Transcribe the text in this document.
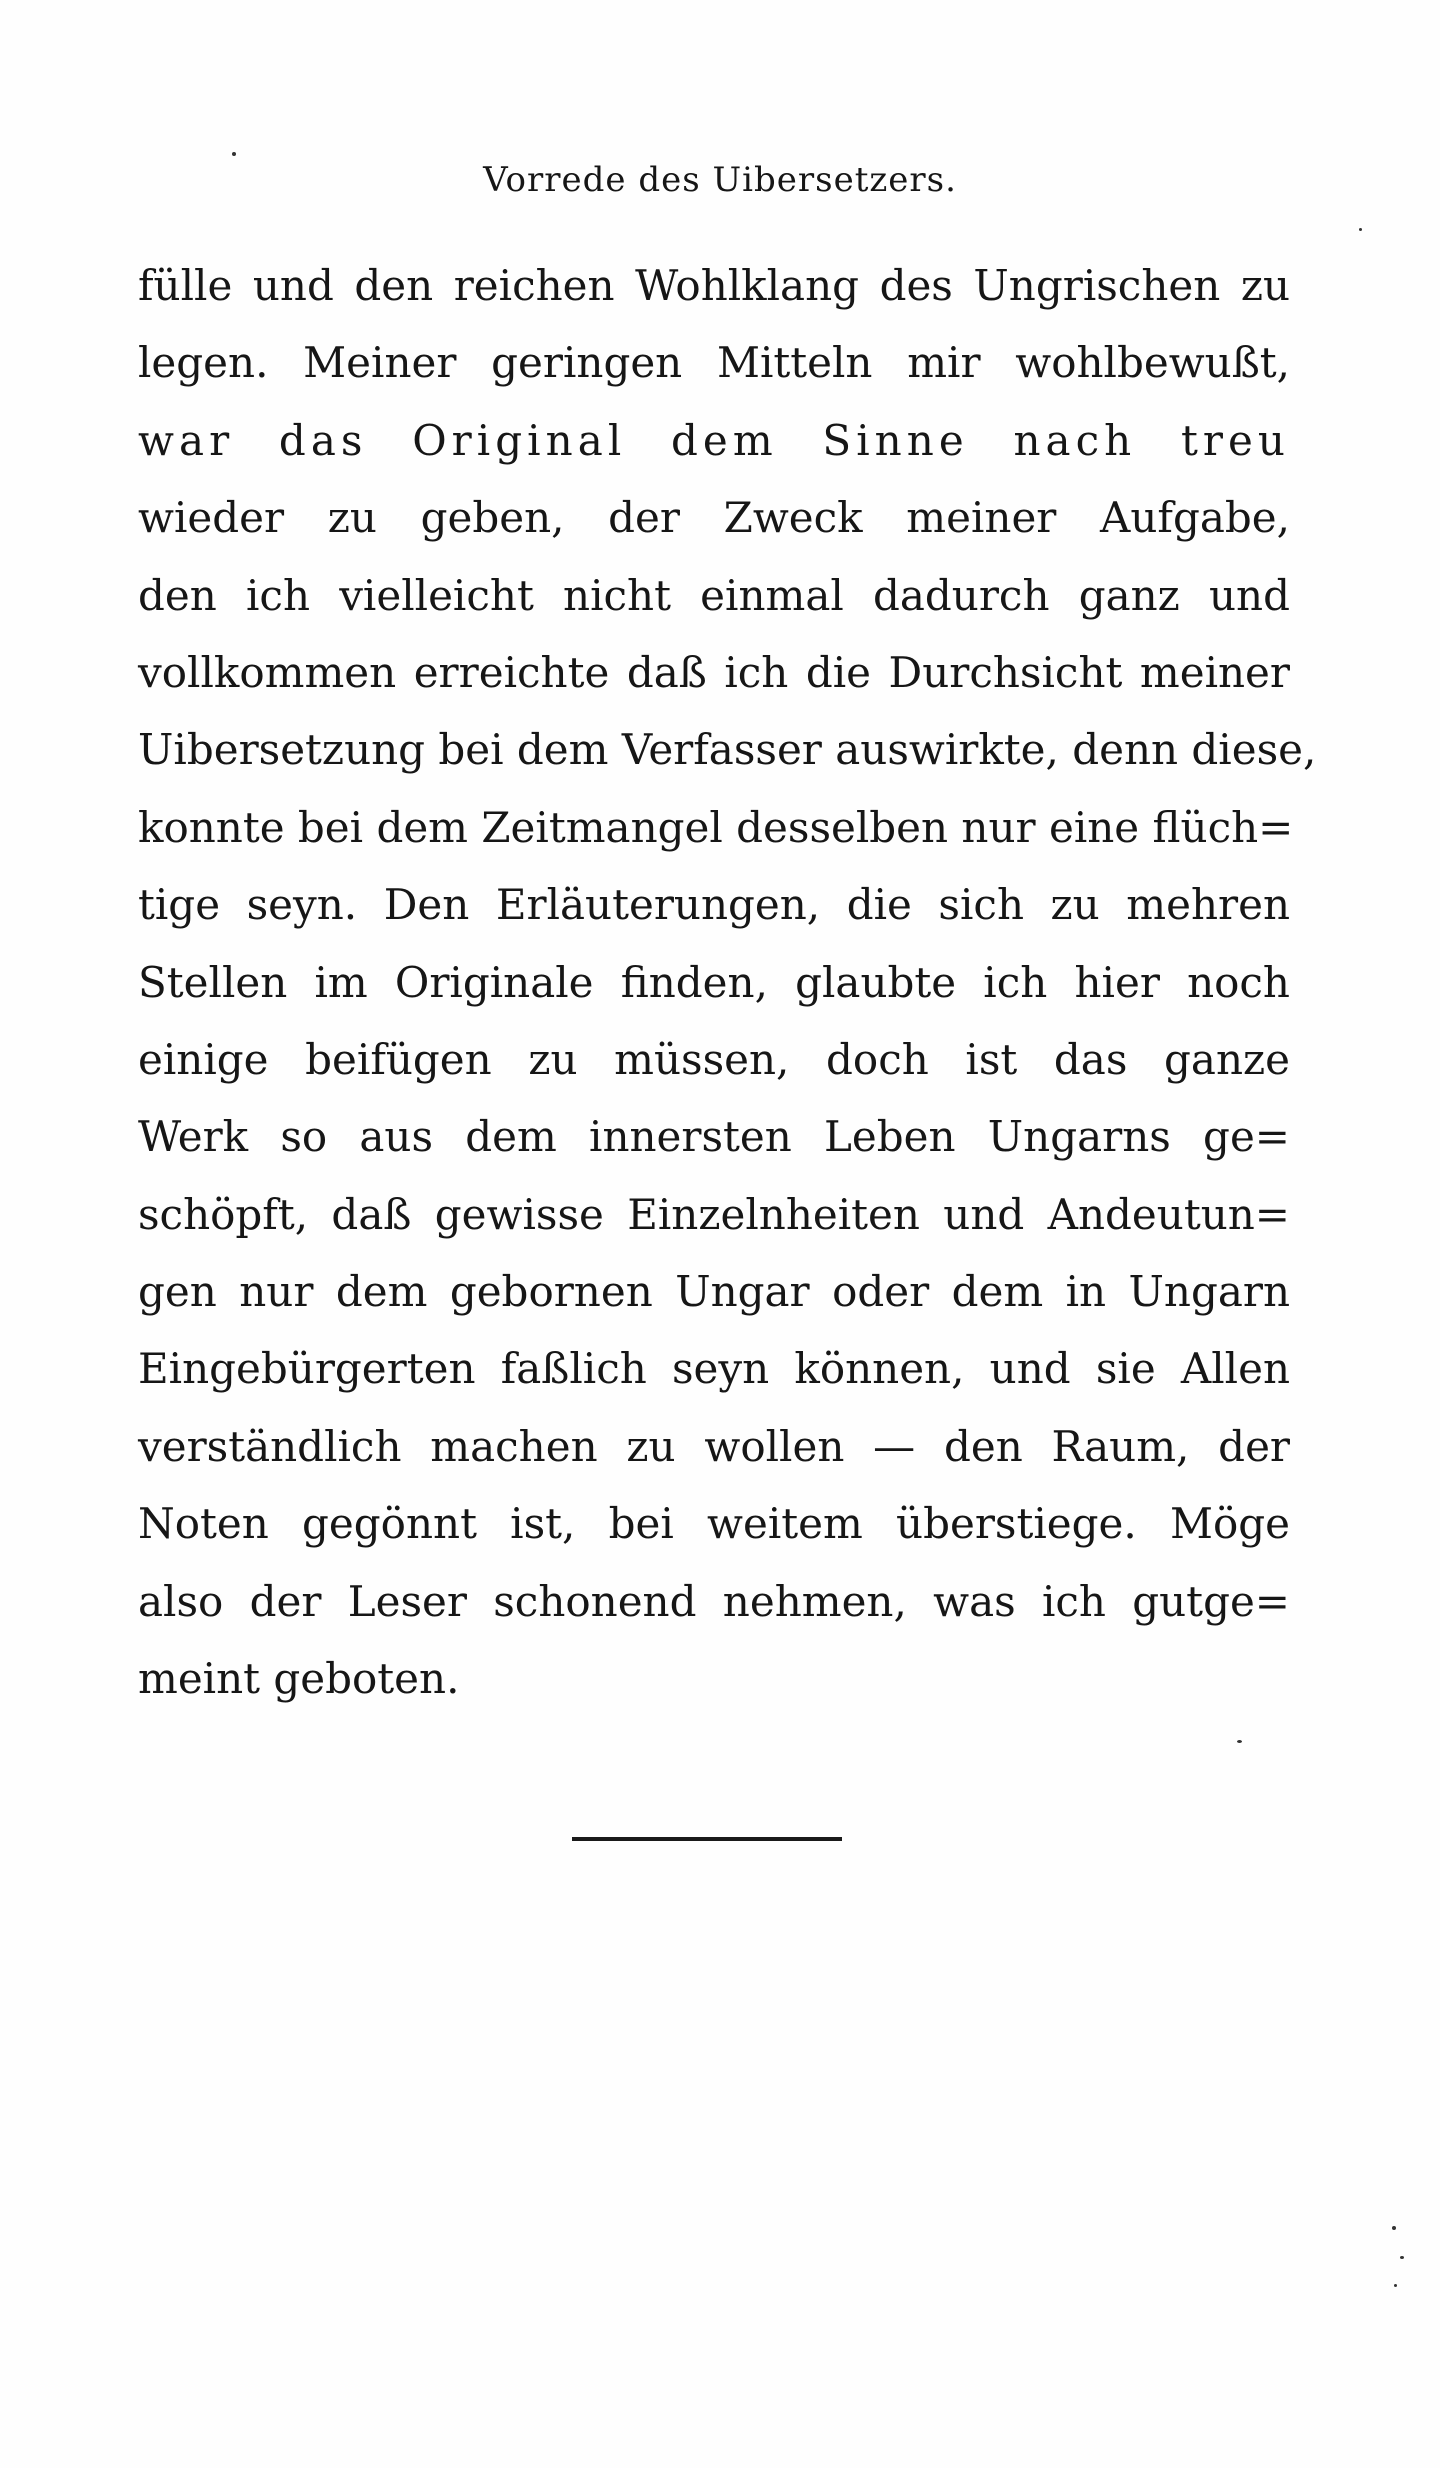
Vorrede des Uibersetzers.
fülle und den reichen Wohlklang des Ungrischen zu
legen. Meiner geringen Mitteln mir wohlbewußt,
war das Original dem Sinne nach treu
wieder zu geben, der Zweck meiner Aufgabe,
den ich vielleicht nicht einmal dadurch ganz und
vollkommen erreichte daß ich die Durchsicht meiner
Uibersetzung bei dem Verfasser auswirkte, denn diese,
konnte bei dem Zeitmangel desselben nur eine flüch=
tige seyn. Den Erläuterungen, die sich zu mehren
Stellen im Originale finden, glaubte ich hier noch
einige beifügen zu müssen, doch ist das ganze
Werk so aus dem innersten Leben Ungarns ge=
schöpft, daß gewisse Einzelnheiten und Andeutun=
gen nur dem gebornen Ungar oder dem in Ungarn
Eingebürgerten faßlich seyn können, und sie Allen
verständlich machen zu wollen — den Raum, der
Noten gegönnt ist, bei weitem überstiege. Möge
also der Leser schonend nehmen, was ich gutge=
meint geboten.
